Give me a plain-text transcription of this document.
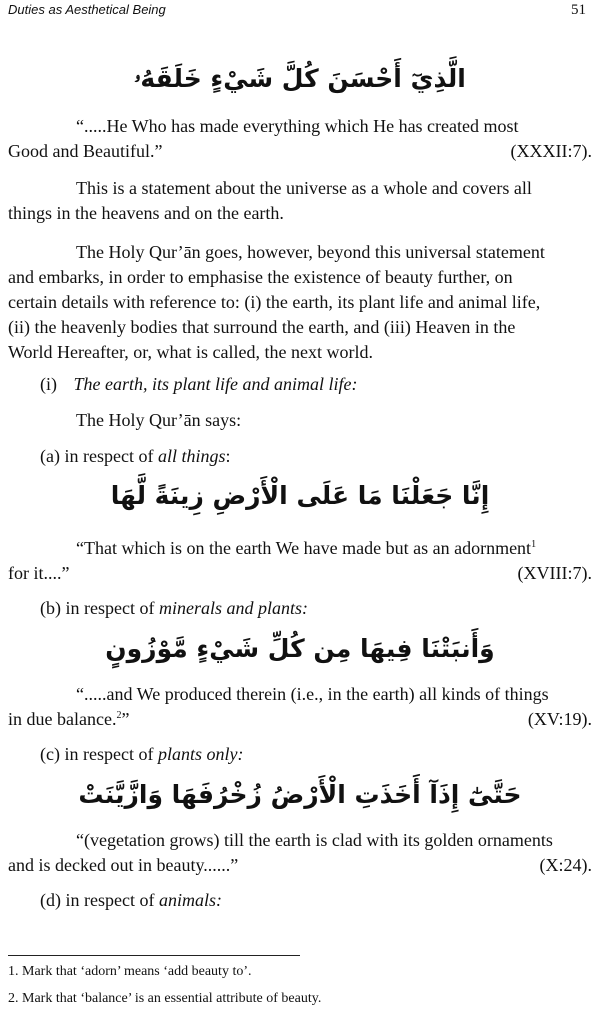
Duties as Aesthetical Being	51
الَّذِيٓ أَحْسَنَ كُلَّ شَيْءٍ خَلَقَهُۥ
“.....He Who has made everything which He has created most
Good and Beautiful.”	(XXXII:7).
This is a statement about the universe as a whole and covers all
things in the heavens and on the earth.
The Holy Qur’ān goes, however, beyond this universal statement
and embarks, in order to emphasise the existence of beauty further, on
certain details with reference to: (i) the earth, its plant life and animal life,
(ii) the heavenly bodies that surround the earth, and (iii) Heaven in the
World Hereafter, or, what is called, the next world.
(i) The earth, its plant life and animal life:
The Holy Qur’ān says:
(a) in respect of all things:
إِنَّا جَعَلْنَا مَا عَلَى الْأَرْضِ زِينَةً لَّهَا
“That which is on the earth We have made but as an adornment$^1$
for it....”	(XVIII:7).
(b) in respect of minerals and plants:
وَأَنبَتْنَا فِيهَا مِن كُلِّ شَيْءٍ مَّوْزُونٍ
“.....and We produced therein (i.e., in the earth) all kinds of things
in due balance.$^2$”	(XV:19).
(c) in respect of plants only:
حَتَّىٰٓ إِذَآ أَخَذَتِ الْأَرْضُ زُخْرُفَهَا وَازَّيَّنَتْ
“(vegetation grows) till the earth is clad with its golden ornaments
and is decked out in beauty......”	(X:24).
(d) in respect of animals:
1. Mark that ‘adorn’ means ‘add beauty to’.
2. Mark that ‘balance’ is an essential attribute of beauty.
